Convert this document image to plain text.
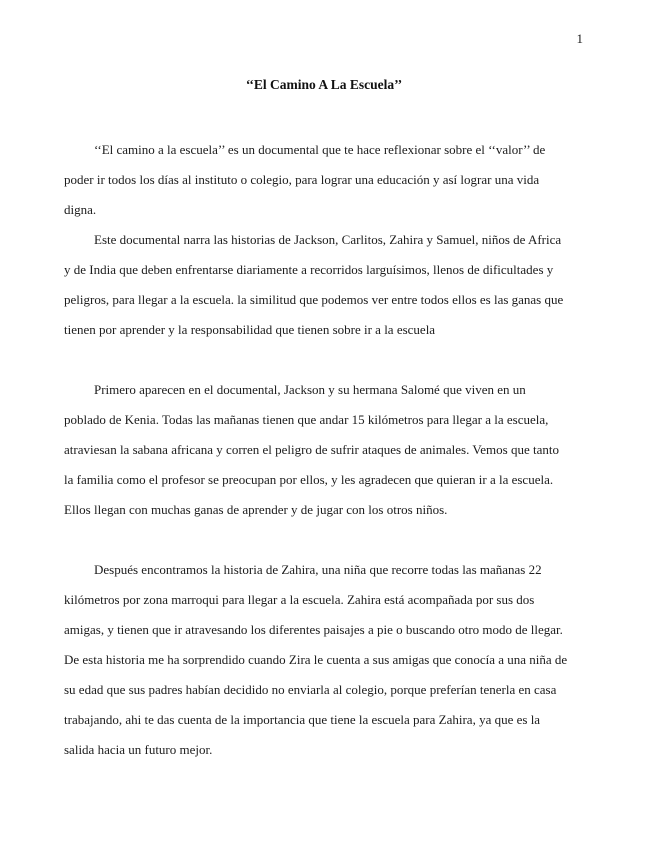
1
‘‘El Camino A La Escuela’’
‘‘El camino a la escuela’’ es un documental que te hace reflexionar sobre el ‘‘valor’’ de
poder ir todos los días al instituto o colegio, para lograr una educación y así lograr una vida
digna.
Este documental narra las historias de Jackson, Carlitos, Zahira y Samuel, niños de Africa
y de India que deben enfrentarse diariamente a recorridos larguísimos, llenos de dificultades y
peligros, para llegar a la escuela. la similitud que podemos ver entre todos ellos es las ganas que
tienen por aprender y la responsabilidad que tienen sobre ir a la escuela
Primero aparecen en el documental, Jackson y su hermana Salomé que viven en un
poblado de Kenia. Todas las mañanas tienen que andar 15 kilómetros para llegar a la escuela,
atraviesan la sabana africana y corren el peligro de sufrir ataques de animales. Vemos que tanto
la familia como el profesor se preocupan por ellos, y les agradecen que quieran ir a la escuela.
Ellos llegan con muchas ganas de aprender y de jugar con los otros niños.
Después encontramos la historia de Zahira, una niña que recorre todas las mañanas 22
kilómetros por zona marroqui para llegar a la escuela. Zahira está acompañada por sus dos
amigas, y tienen que ir atravesando los diferentes paisajes a pie o buscando otro modo de llegar.
De esta historia me ha sorprendido cuando Zira le cuenta a sus amigas que conocía a una niña de
su edad que sus padres habían decidido no enviarla al colegio, porque preferían tenerla en casa
trabajando, ahi te das cuenta de la importancia que tiene la escuela para Zahira, ya que es la
salida hacia un futuro mejor.
